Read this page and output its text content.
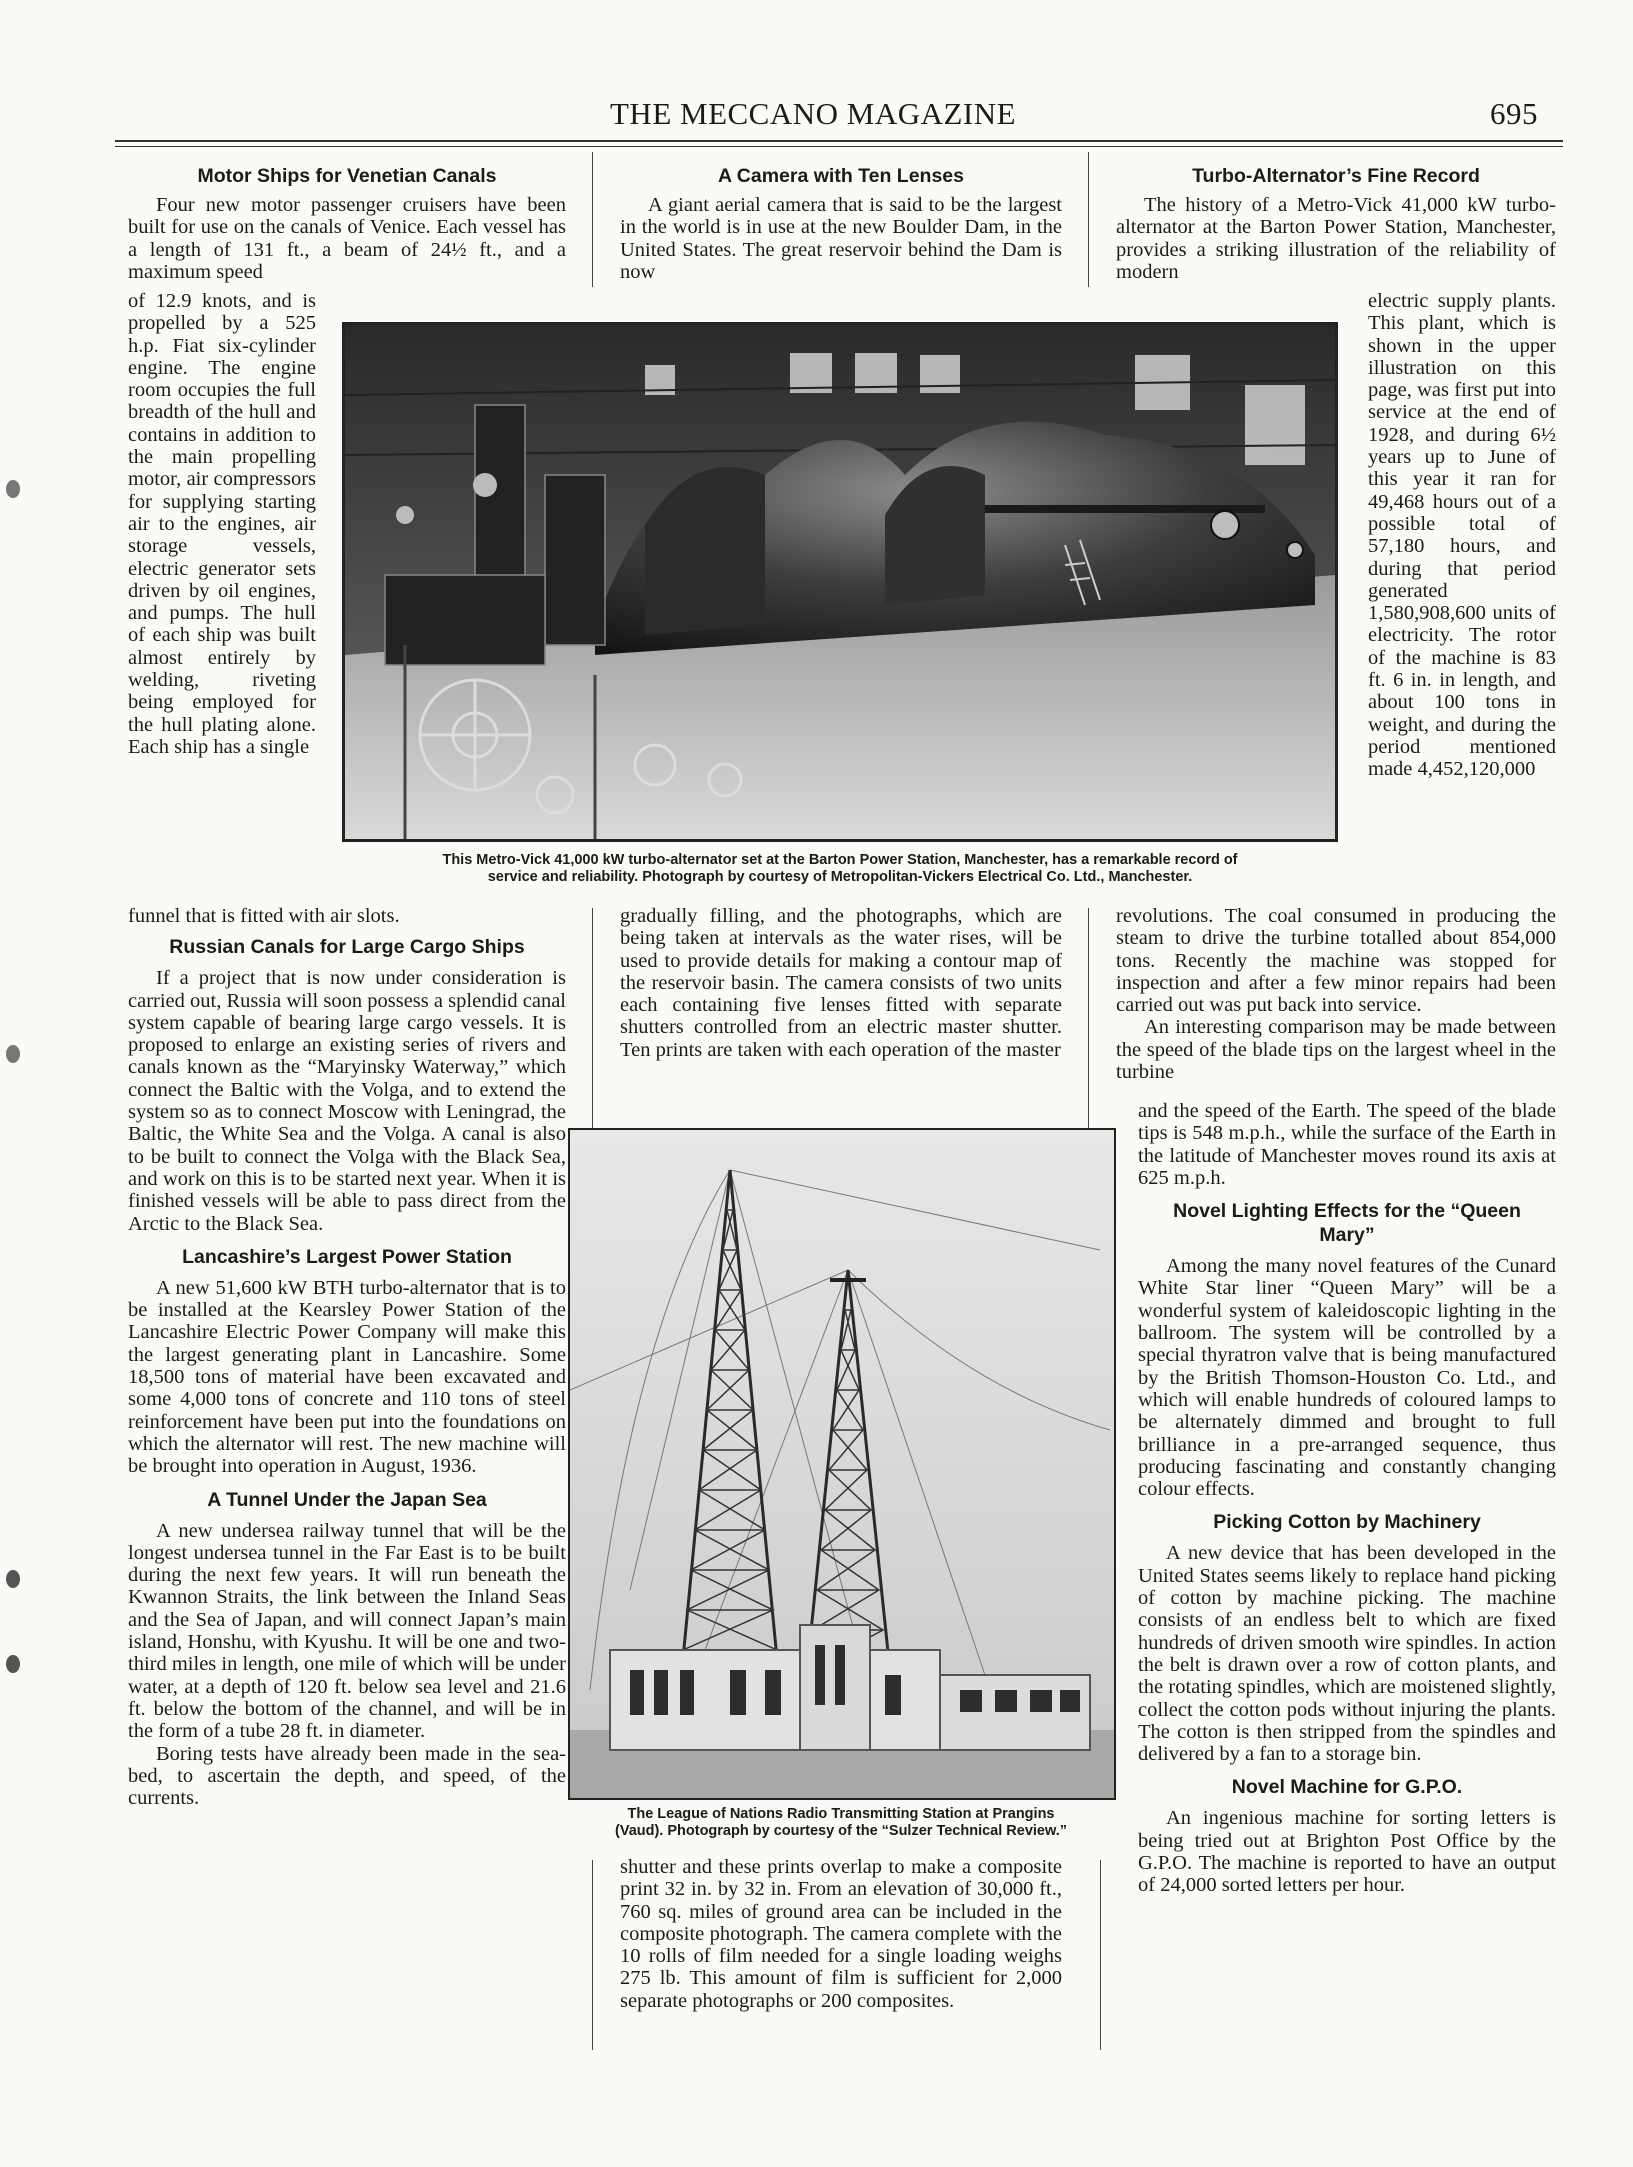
THE MECCANO MAGAZINE	695
Motor Ships for Venetian Canals

Four new motor passenger cruisers have been built for use on the canals of Venice. Each vessel has a length of 131 ft., a beam of 24½ ft., and a maximum speed

of 12.9 knots, and is propelled by a 525 h.p. Fiat six-cylinder engine. The engine room occupies the full breadth of the hull and contains in addition to the main propelling motor, air compressors for supplying starting air to the engines, air storage vessels, electric generator sets driven by oil engines, and pumps. The hull of each ship was built almost entirely by welding, riveting being employed for the hull plating alone. Each ship has a single

funnel that is fitted with air slots.

Russian Canals for Large Cargo Ships

If a project that is now under consideration is carried out, Russia will soon possess a splendid canal system capable of bearing large cargo vessels. It is proposed to enlarge an existing series of rivers and canals known as the “Maryinsky Waterway,” which connect the Baltic with the Volga, and to extend the system so as to connect Moscow with Leningrad, the Baltic, the White Sea and the Volga. A canal is also to be built to connect the Volga with the Black Sea, and work on this is to be started next year. When it is finished vessels will be able to pass direct from the Arctic to the Black Sea.

Lancashire’s Largest Power Station

A new 51,600 kW BTH turbo-alternator that is to be installed at the Kearsley Power Station of the Lancashire Electric Power Company will make this the largest generating plant in Lancashire. Some 18,500 tons of material have been excavated and some 4,000 tons of concrete and 110 tons of steel reinforcement have been put into the foundations on which the alternator will rest. The new machine will be brought into operation in August, 1936.

A Tunnel Under the Japan Sea

A new undersea railway tunnel that will be the longest undersea tunnel in the Far East is to be built during the next few years. It will run beneath the Kwannon Straits, the link between the Inland Seas and the Sea of Japan, and will connect Japan’s main island, Honshu, with Kyushu. It will be one and two-third miles in length, one mile of which will be under water, at a depth of 120 ft. below sea level and 21.6 ft. below the bottom of the channel, and will be in the form of a tube 28 ft. in diameter.

Boring tests have already been made in the sea-bed, to ascertain the depth, and speed, of the currents.

A Camera with Ten Lenses

A giant aerial camera that is said to be the largest in the world is in use at the new Boulder Dam, in the United States. The great reservoir behind the Dam is now

gradually filling, and the photographs, which are being taken at intervals as the water rises, will be used to provide details for making a contour map of the reservoir basin. The camera consists of two units each containing five lenses fitted with separate shutters controlled from an electric master shutter. Ten prints are taken with each operation of the master

shutter and these prints overlap to make a composite print 32 in. by 32 in. From an elevation of 30,000 ft., 760 sq. miles of ground area can be included in the composite photograph. The camera complete with the 10 rolls of film needed for a single loading weighs 275 lb. This amount of film is sufficient for 2,000 separate photographs or 200 composites.

Turbo-Alternator’s Fine Record

The history of a Metro-Vick 41,000 kW turbo-alternator at the Barton Power Station, Manchester, provides a striking illustration of the reliability of modern

electric supply plants. This plant, which is shown in the upper illustration on this page, was first put into service at the end of 1928, and during 6½ years up to June of this year it ran for 49,468 hours out of a possible total of 57,180 hours, and during that period generated 1,580,908,600 units of electricity. The rotor of the machine is 83 ft. 6 in. in length, and about 100 tons in weight, and during the period mentioned made 4,452,120,000

revolutions. The coal consumed in producing the steam to drive the turbine totalled about 854,000 tons. Recently the machine was stopped for inspection and after a few minor repairs had been carried out was put back into service.

An interesting comparison may be made between the speed of the blade tips on the largest wheel in the turbine

and the speed of the Earth. The speed of the blade tips is 548 m.p.h., while the surface of the Earth in the latitude of Manchester moves round its axis at 625 m.p.h.

Novel Lighting Effects for the “Queen
Mary”

Among the many novel features of the Cunard White Star liner “Queen Mary” will be a wonderful system of kaleidoscopic lighting in the ballroom. The system will be controlled by a special thyratron valve that is being manufactured by the British Thomson-Houston Co. Ltd., and which will enable hundreds of coloured lamps to be alternately dimmed and brought to full brilliance in a pre-arranged sequence, thus producing fascinating and constantly changing colour effects.

Picking Cotton by Machinery

A new device that has been developed in the United States seems likely to replace hand picking of cotton by machine picking. The machine consists of an endless belt to which are fixed hundreds of driven smooth wire spindles. In action the belt is drawn over a row of cotton plants, and the rotating spindles, which are moistened slightly, collect the cotton pods without injuring the plants. The cotton is then stripped from the spindles and delivered by a fan to a storage bin.

Novel Machine for G.P.O.

An ingenious machine for sorting letters is being tried out at Brighton Post Office by the G.P.O. The machine is reported to have an output of 24,000 sorted letters per hour.

This Metro-Vick 41,000 kW turbo-alternator set at the Barton Power Station, Manchester, has a remarkable record of
service and reliability. Photograph by courtesy of Metropolitan-Vickers Electrical Co. Ltd., Manchester.
The League of Nations Radio Transmitting Station at Prangins
(Vaud). Photograph by courtesy of the “Sulzer Technical Review.”
